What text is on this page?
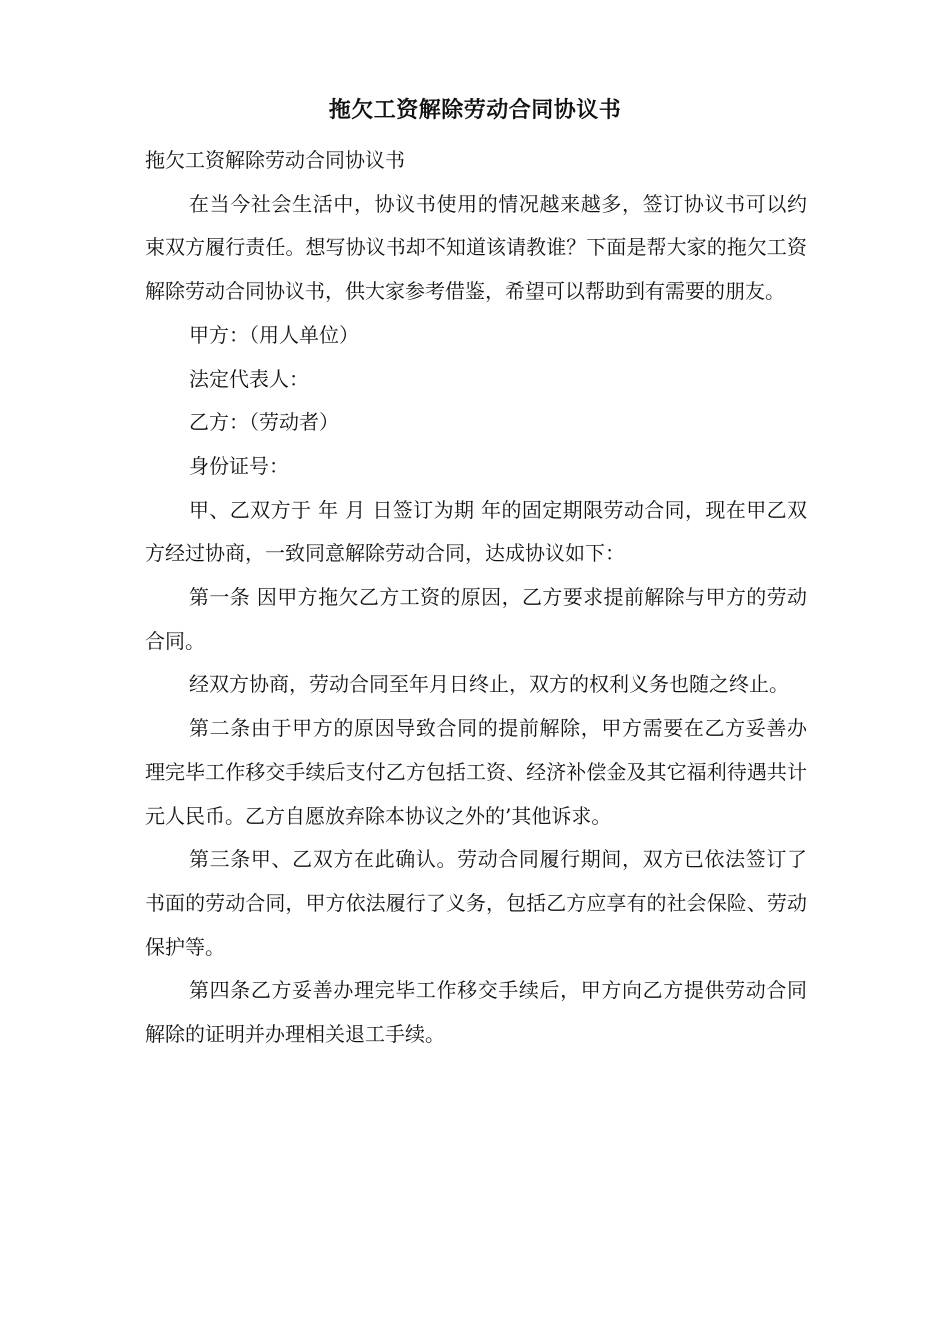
拖欠工资解除劳动合同协议书

拖欠工资解除劳动合同协议书

在当今社会生活中，协议书使用的情况越来越多，签订协议书可以约束双方履行责任。想写协议书却不知道该请教谁？下面是帮大家的拖欠工资解除劳动合同协议书，供大家参考借鉴，希望可以帮助到有需要的朋友。

甲方：（用人单位）

法定代表人：

乙方：（劳动者）

身份证号：

甲、乙双方于 年 月 日签订为期 年的固定期限劳动合同，现在甲乙双方经过协商，一致同意解除劳动合同，达成协议如下：

第一条 因甲方拖欠乙方工资的原因，乙方要求提前解除与甲方的劳动合同。

经双方协商，劳动合同至年月日终止，双方的权利义务也随之终止。

第二条由于甲方的原因导致合同的提前解除，甲方需要在乙方妥善办理完毕工作移交手续后支付乙方包括工资、经济补偿金及其它福利待遇共计元人民币。乙方自愿放弃除本协议之外的’其他诉求。

第三条甲、乙双方在此确认。劳动合同履行期间，双方已依法签订了书面的劳动合同，甲方依法履行了义务，包括乙方应享有的社会保险、劳动保护等。

第四条乙方妥善办理完毕工作移交手续后，甲方向乙方提供劳动合同解除的证明并办理相关退工手续。
